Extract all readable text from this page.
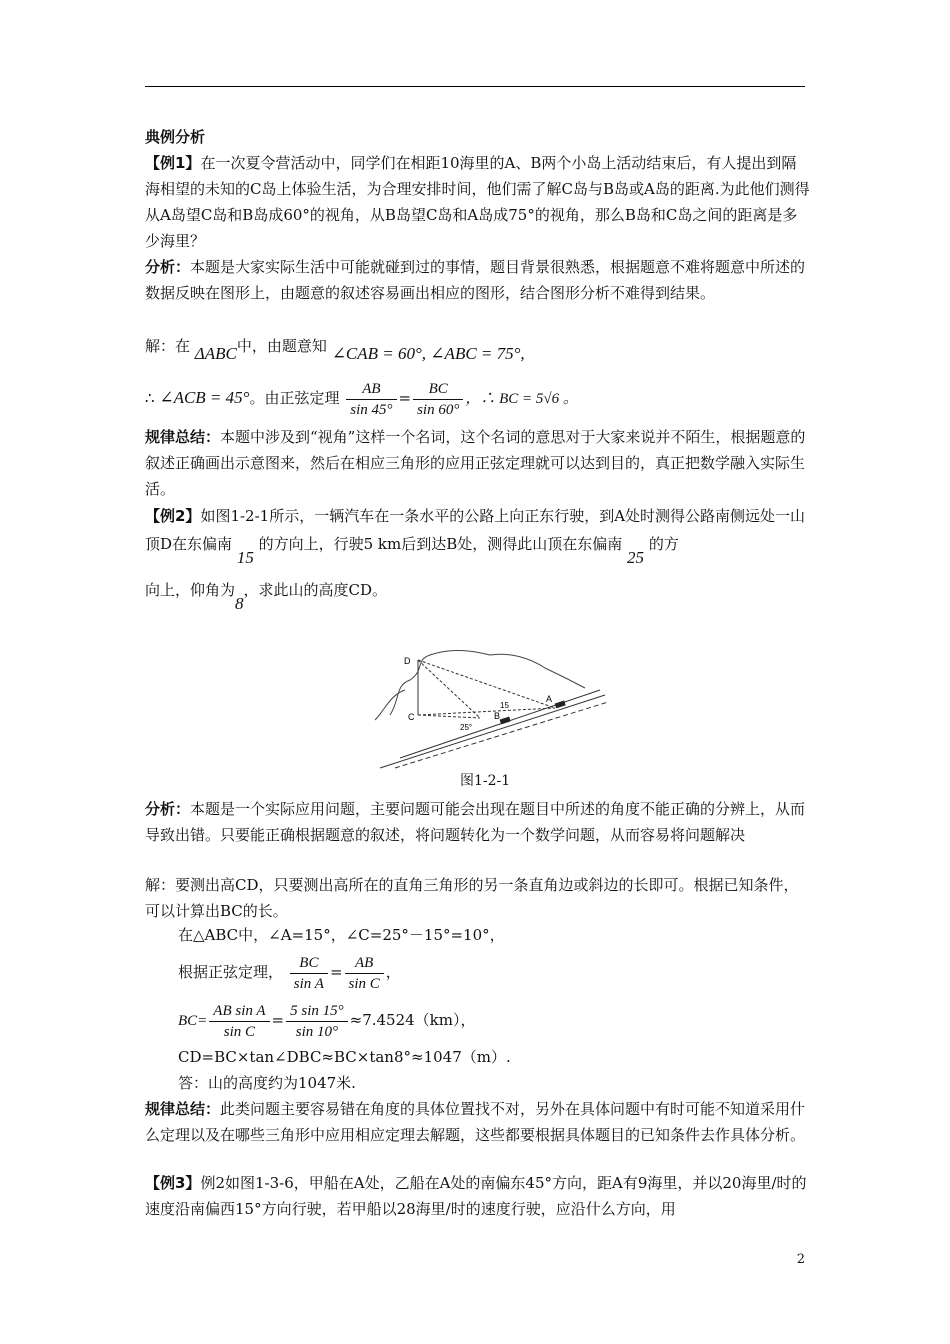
典例分析
【例1】在一次夏令营活动中，同学们在相距10海里的A、B两个小岛上活动结束后，有人提出到隔海相望的未知的C岛上体验生活，为合理安排时间，他们需了解C岛与B岛或A岛的距离.为此他们测得从A岛望C岛和B岛成60°的视角，从B岛望C岛和A岛成75°的视角，那么B岛和C岛之间的距离是多少海里？
分析：本题是大家实际生活中可能就碰到过的事情，题目背景很熟悉，根据题意不难将题意中所述的数据反映在图形上，由题意的叙述容易画出相应的图形，结合图形分析不难得到结果。
解：在 ΔABC中，由题意知 ∠CAB = 60°, ∠ABC = 75°,
∴ ∠ACB = 45°。由正弦定理 $\frac{AB}{\sin 45^\circ} = \frac{BC}{\sin 60^\circ}$ ，∴ BC = 5√6 。
规律总结：本题中涉及到“视角”这样一个名词，这个名词的意思对于大家来说并不陌生，根据题意的叙述正确画出示意图来，然后在相应三角形的应用正弦定理就可以达到目的，真正把数学融入实际生活。
【例2】如图1-2-1所示，一辆汽车在一条水平的公路上向正东行驶，到A处时测得公路南侧远处一山顶D在东偏南 15 的方向上，行驶5 km后到达B处，测得此山顶在东偏南 25 的方
向上，仰角为8，求此山的高度CD。
D
C	B
A
15
25°
图1-2-1
分析：本题是一个实际应用问题，主要问题可能会出现在题目中所述的角度不能正确的分辨上，从而导致出错。只要能正确根据题意的叙述，将问题转化为一个数学问题，从而容易将问题解决
解：要测出高CD，只要测出高所在的直角三角形的另一条直角边或斜边的长即可。根据已知条件，可以计算出BC的长。
在△ABC中，∠A=15°，∠C=25°－15°=10°，
根据正弦定理， $\frac{BC}{\text{sin A}} = \frac{AB}{\text{sin C}}$ ，
$BC= \frac{\text{AB sin A}}{\text{sin C}} = \frac{5 \sin 15^\circ}{\sin 10^\circ} \approx 7.4524(km)$，
CD=BC×tan∠DBC≈BC×tan8°≈1047（m）.
答：山的高度约为1047米.
规律总结：此类问题主要容易错在角度的具体位置找不对，另外在具体问题中有时可能不知道采用什么定理以及在哪些三角形中应用相应定理去解题，这些都要根据具体题目的已知条件去作具体分析。
【例3】例2如图1-3-6，甲船在A处，乙船在A处的南偏东45°方向，距A有9海里，并以20海里/时的速度沿南偏西15°方向行驶，若甲船以28海里/时的速度行驶，应沿什么方向，用
2
